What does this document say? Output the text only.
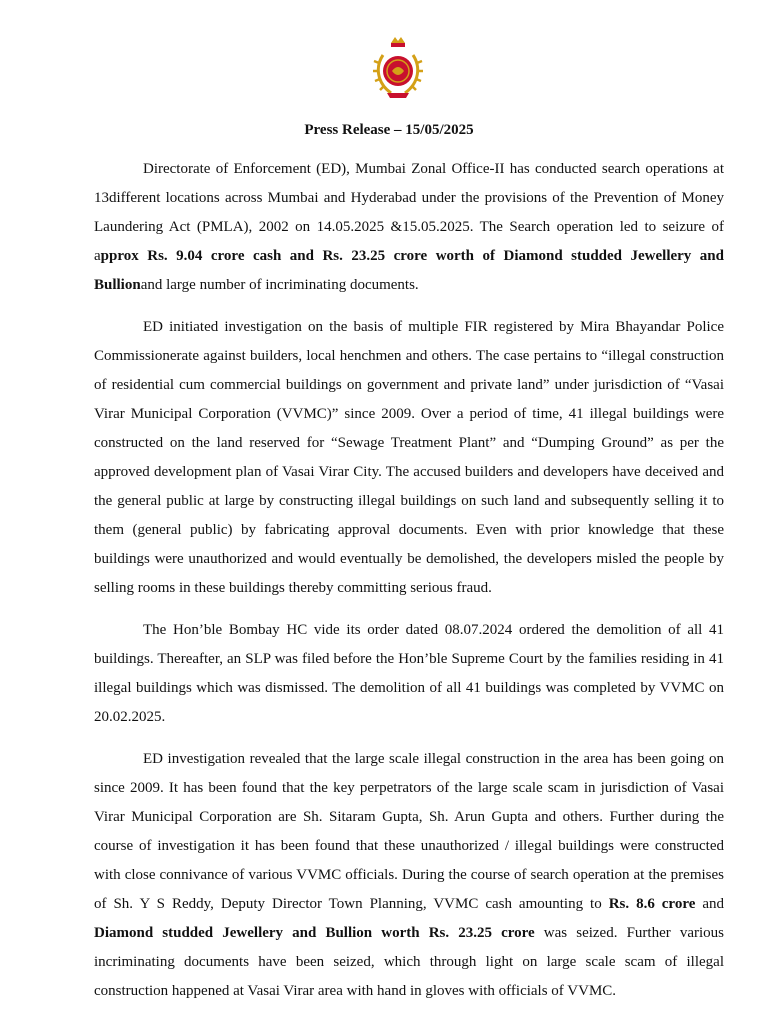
Press Release – 15/05/2025

Directorate of Enforcement (ED), Mumbai Zonal Office-II has conducted search operations at 13different locations across Mumbai and Hyderabad under the provisions of the Prevention of Money Laundering Act (PMLA), 2002 on 14.05.2025 &15.05.2025. The Search operation led to seizure of approx Rs. 9.04 crore cash and Rs. 23.25 crore worth of Diamond studded Jewellery and Bullionand large number of incriminating documents.

ED initiated investigation on the basis of multiple FIR registered by Mira Bhayandar Police Commissionerate against builders, local henchmen and others. The case pertains to “illegal construction of residential cum commercial buildings on government and private land” under jurisdiction of “Vasai Virar Municipal Corporation (VVMC)” since 2009. Over a period of time, 41 illegal buildings were constructed on the land reserved for “Sewage Treatment Plant” and “Dumping Ground” as per the approved development plan of Vasai Virar City. The accused builders and developers have deceived and the general public at large by constructing illegal buildings on such land and subsequently selling it to them (general public) by fabricating approval documents. Even with prior knowledge that these buildings were unauthorized and would eventually be demolished, the developers misled the people by selling rooms in these buildings thereby committing serious fraud.

The Hon’ble Bombay HC vide its order dated 08.07.2024 ordered the demolition of all 41 buildings. Thereafter, an SLP was filed before the Hon’ble Supreme Court by the families residing in 41 illegal buildings which was dismissed. The demolition of all 41 buildings was completed by VVMC on 20.02.2025.

ED investigation revealed that the large scale illegal construction in the area has been going on since 2009. It has been found that the key perpetrators of the large scale scam in jurisdiction of Vasai Virar Municipal Corporation are Sh. Sitaram Gupta, Sh. Arun Gupta and others. Further during the course of investigation it has been found that these unauthorized / illegal buildings were constructed with close connivance of various VVMC officials. During the course of search operation at the premises of Sh. Y S Reddy, Deputy Director Town Planning, VVMC cash amounting to Rs. 8.6 crore and Diamond studded Jewellery and Bullion worth Rs. 23.25 crore was seized. Further various incriminating documents have been seized, which through light on large scale scam of illegal construction happened at Vasai Virar area with hand in gloves with officials of VVMC.
